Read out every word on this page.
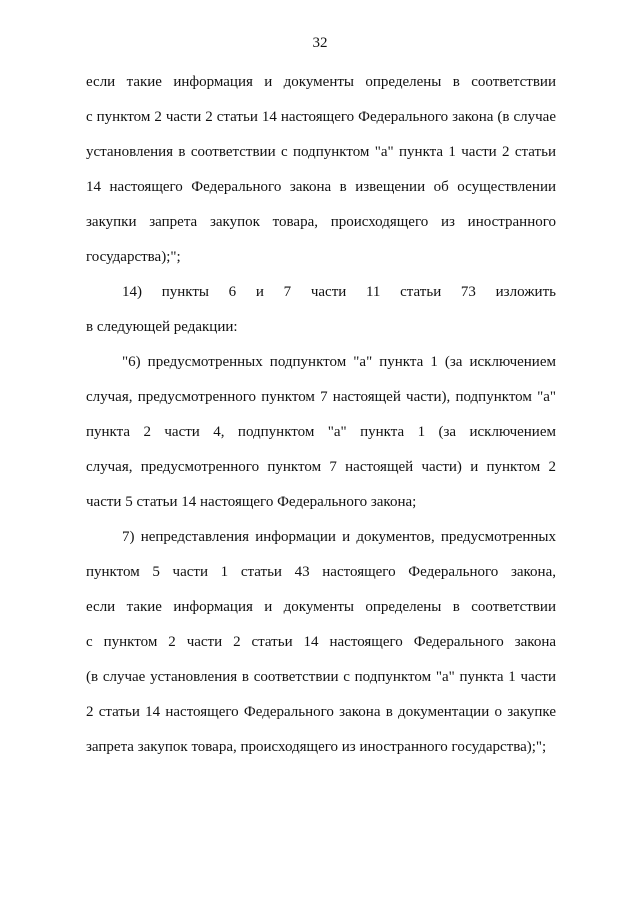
32
если такие информация и документы определены в соответствии
с пунктом 2 части 2 статьи 14 настоящего Федерального закона (в случае
установления в соответствии с подпунктом "а" пункта 1 части 2 статьи
14 настоящего Федерального закона в извещении об осуществлении
закупки запрета закупок товара, происходящего из иностранного
государства);";
14) пункты 6 и 7 части 11 статьи 73 изложить
в следующей редакции:
"6) предусмотренных подпунктом "а" пункта 1 (за исключением
случая, предусмотренного пунктом 7 настоящей части), подпунктом "а"
пункта 2 части 4, подпунктом "а" пункта 1 (за исключением
случая, предусмотренного пунктом 7 настоящей части) и пунктом 2
части 5 статьи 14 настоящего Федерального закона;
7) непредставления информации и документов, предусмотренных
пунктом 5 части 1 статьи 43 настоящего Федерального закона,
если такие информация и документы определены в соответствии
с пунктом 2 части 2 статьи 14 настоящего Федерального закона
(в случае установления в соответствии с подпунктом "а" пункта 1 части
2 статьи 14 настоящего Федерального закона в документации о закупке
запрета закупок товара, происходящего из иностранного государства);";
